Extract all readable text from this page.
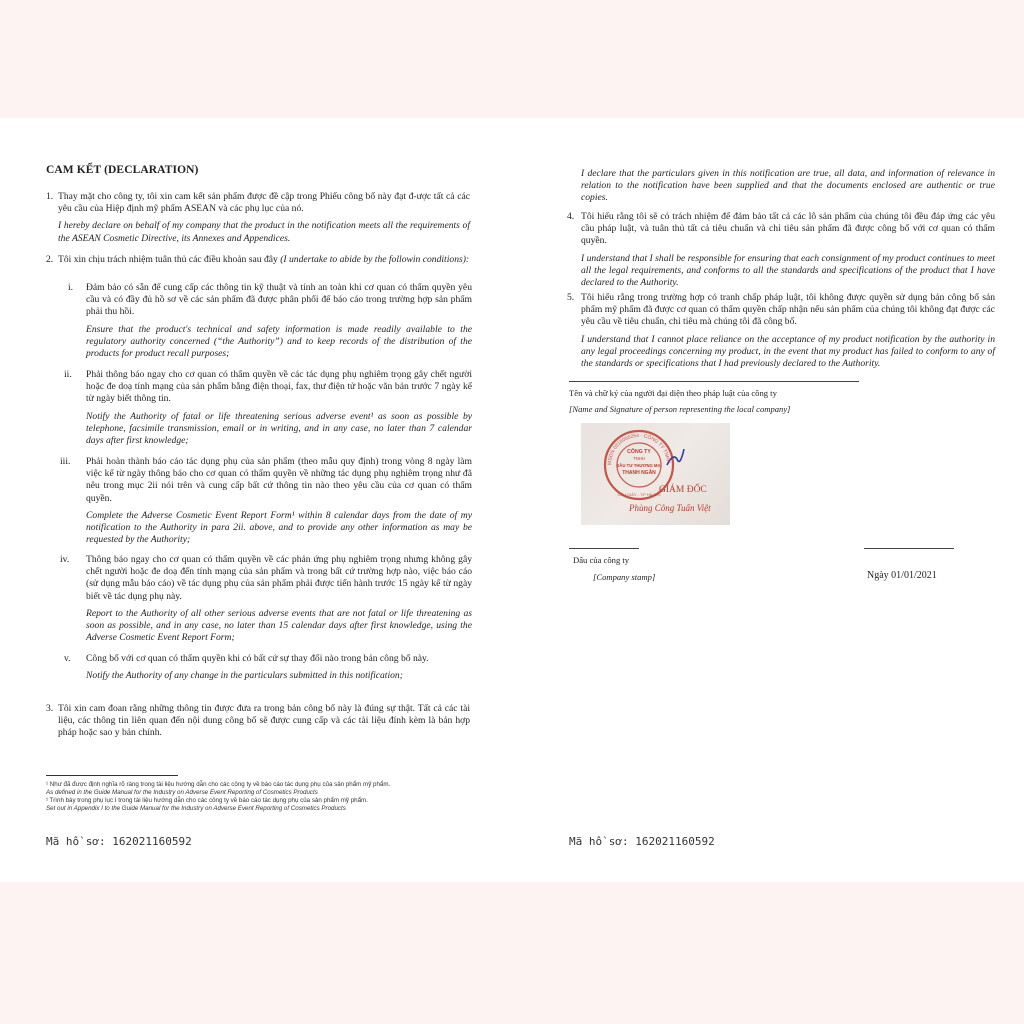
CAM KẾT (DECLARATION)
1. Thay mặt cho công ty, tôi xin cam kết sản phẩm được đề cập trong Phiếu công bố này đạt đ-ược tất cả các yêu cầu của Hiệp định mỹ phẩm ASEAN và các phụ lục của nó.
I hereby declare on behalf of my company that the product in the notification meets all the requirements of the ASEAN Cosmetic Directive, its Annexes and Appendices.
2. Tôi xin chịu trách nhiệm tuân thủ các điều khoản sau đây (I undertake to abide by the followin conditions):
i. Đảm bảo có sẵn để cung cấp các thông tin kỹ thuật và tính an toàn khi cơ quan có thẩm quyền yêu cầu và có đầy đủ hồ sơ về các sản phẩm đã được phân phối để báo cáo trong trường hợp sản phẩm phải thu hồi.
Ensure that the product's technical and safety information is made readily available to the regulatory authority concerned (“the Authority”) and to keep records of the distribution of the products for product recall purposes;
ii. Phải thông báo ngay cho cơ quan có thẩm quyền về các tác dụng phụ nghiêm trọng gây chết người hoặc đe doạ tính mạng của sản phẩm bằng điện thoại, fax, thư điện tử hoặc văn bản trước 7 ngày kể từ ngày biết thông tin.
Notify the Authority of fatal or life threatening serious adverse event¹ as soon as possible by telephone, facsimile transmission, email or in writing, and in any case, no later than 7 calendar days after first knowledge;
iii. Phải hoàn thành báo cáo tác dụng phụ của sản phẩm (theo mẫu quy định) trong vòng 8 ngày làm việc kể từ ngày thông báo cho cơ quan có thẩm quyền về những tác dụng phụ nghiêm trọng như đã nêu trong mục 2ii nói trên và cung cấp bất cứ thông tin nào theo yêu cầu của cơ quan có thẩm quyền.
Complete the Adverse Cosmetic Event Report Form¹ within 8 calendar days from the date of my notification to the Authority in para 2ii. above, and to provide any other information as may be requested by the Authority;
iv. Thông báo ngay cho cơ quan có thẩm quyền về các phản ứng phụ nghiêm trọng nhưng không gây chết người hoặc đe doạ đến tính mạng của sản phẩm và trong bất cứ trường hợp nào, việc báo cáo (sử dụng mẫu báo cáo) về tác dụng phụ của sản phẩm phải được tiến hành trước 15 ngày kể từ ngày biết về tác dụng phụ này.
Report to the Authority of all other serious adverse events that are not fatal or life threatening as soon as possible, and in any case, no later than 15 calendar days after first knowledge, using the Adverse Cosmetic Event Report Form;
v. Công bố với cơ quan có thẩm quyền khi có bất cứ sự thay đổi nào trong bản công bố này.
Notify the Authority of any change in the particulars submitted in this notification;
3. Tôi xin cam đoan rằng những thông tin được đưa ra trong bản công bố này là đúng sự thật. Tất cả các tài liệu, các thông tin liên quan đến nội dung công bố sẽ được cung cấp và các tài liệu đính kèm là bản hợp pháp hoặc sao y bản chính.
¹ Như đã được định nghĩa rõ ràng trong tài liệu hướng dẫn cho các công ty về báo cáo tác dụng phụ của sản phẩm mỹ phẩm.
As defined in the Guide Manual for the Industry on Adverse Event Reporting of Cosmetics Products
¹ Trình bày trong phụ lục I trong tài liệu hướng dẫn cho các công ty về báo cáo tác dụng phụ của sản phẩm mỹ phẩm.
Set out in Appendix I to the Guide Manual for the Industry on Adverse Event Reporting of Cosmetics Products
Mã hồ sơ: 162021160592
I declare that the particulars given in this notification are true, all data, and information of relevance in relation to the notification have been supplied and that the documents enclosed are authentic or true copies.
4. Tôi hiểu rằng tôi sẽ có trách nhiệm để đảm bảo tất cả các lô sản phẩm của chúng tôi đều đáp ứng các yêu cầu pháp luật, và tuân thủ tất cả tiêu chuẩn và chỉ tiêu sản phẩm đã được công bố với cơ quan có thẩm quyền.
I understand that I shall be responsible for ensuring that each consignment of my product continues to meet all the legal requirements, and conforms to all the standards and specifications of the product that I have declared to the Authority.
5. Tôi hiểu rằng trong trường hợp có tranh chấp pháp luật, tôi không được quyền sử dụng bản công bố sản phẩm mỹ phẩm đã được cơ quan có thẩm quyền chấp nhận nếu sản phẩm của chúng tôi không đạt được các yêu cầu về tiêu chuẩn, chỉ tiêu mà chúng tôi đã công bố.
I understand that I cannot place reliance on the acceptance of my product notification by the authority in any legal proceedings concerning my product, in the event that my product has failed to conform to any of the standards or specifications that I had previously declared to the Authority.
Tên và chữ ký của người đại diện theo pháp luật của công ty
[Name and Signature of person representing the local company]
MSDN 0316050254 · CÔNG TY TNHH
CÔNG TY
TNHH
ĐẦU TƯ THƯƠNG MẠI
THANH NGÂN
CẦU GIẤY - T.P HÀ NỘI
GIÁM ĐỐC
Phùng Công Tuấn Việt
Dấu của công ty
[Company stamp]	Ngày 01/01/2021
Mã hồ sơ: 162021160592
